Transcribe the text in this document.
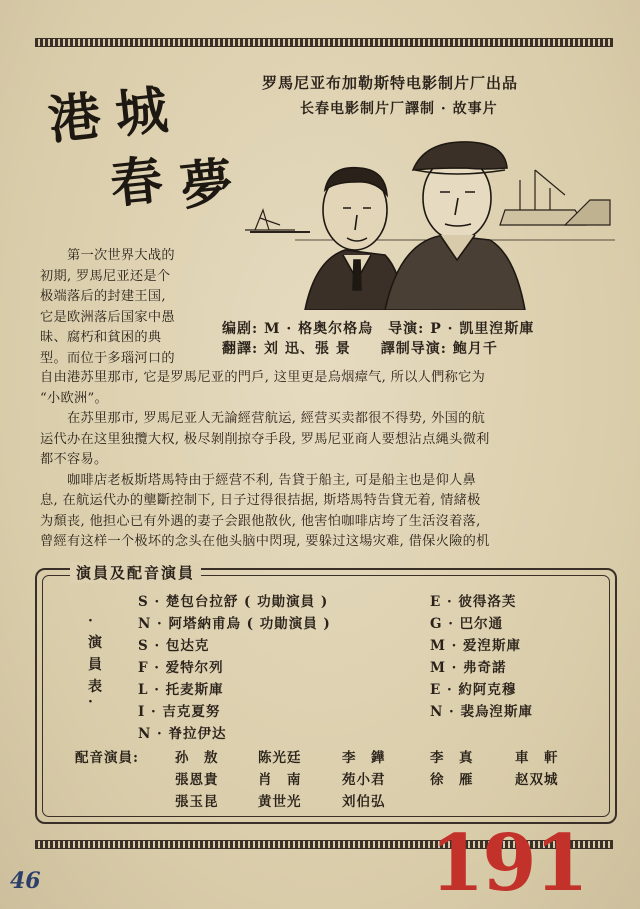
港 城
春 夢
罗馬尼亚布加勒斯特电影制片厂出品
长春电影制片厂譯制 · 故事片
　　第一次世界大战的
初期, 罗馬尼亚还是个
极端落后的封建王国,
它是欧洲落后国家中愚
昧、腐朽和貧困的典
型。而位于多瑙河口的
编剧: M · 格奥尔格烏　导演: P · 凯里湼斯庫
翻譯: 刘 迅、張 景　　譯制导演: 鲍月千
自由港苏里那市, 它是罗馬尼亚的門戶, 这里更是烏烟瘴气, 所以人們称它为
“小欧洲”。
　　在苏里那市, 罗馬尼亚人无論經营航运, 經营买卖都很不得势, 外国的航
运代办在这里独攬大权, 极尽剝削掠夺手段, 罗馬尼亚商人要想沾点縄头微利
都不容易。
　　咖啡店老板斯塔馬特由于經营不利, 告貸于船主, 可是船主也是仰人鼻
息, 在航运代办的壟斷控制下, 日子过得很拮据, 斯塔馬特告貸无着, 情緒极
为頹丧, 他担心已有外遇的妻子会跟他散伙, 他害怕咖啡店垮了生活沒着落,
曾經有这样一个极坏的念头在他头脑中閃現, 要躲过这場灾难, 借保火險的机
演員及配音演員
·
演
員
表
·
S · 楚包台拉舒 ( 功勛演員 )
N · 阿塔納甫烏 ( 功勛演員 )
S · 包达克
F · 爱特尔列
L · 托麦斯庫
I · 吉克夏努
N · 脊拉伊达
E · 彼得洛芙
G · 巴尔通
M · 爱湼斯庫
M · 弗奇諾
E · 約阿克穆
N · 裴烏湼斯庫
配音演員:	孙　敖	陈光廷	李　鏵	李　真	車　軒
張恩貴	肖　南	苑小君	徐　雁	赵双城
張玉昆	黄世光	刘伯弘
191
46
